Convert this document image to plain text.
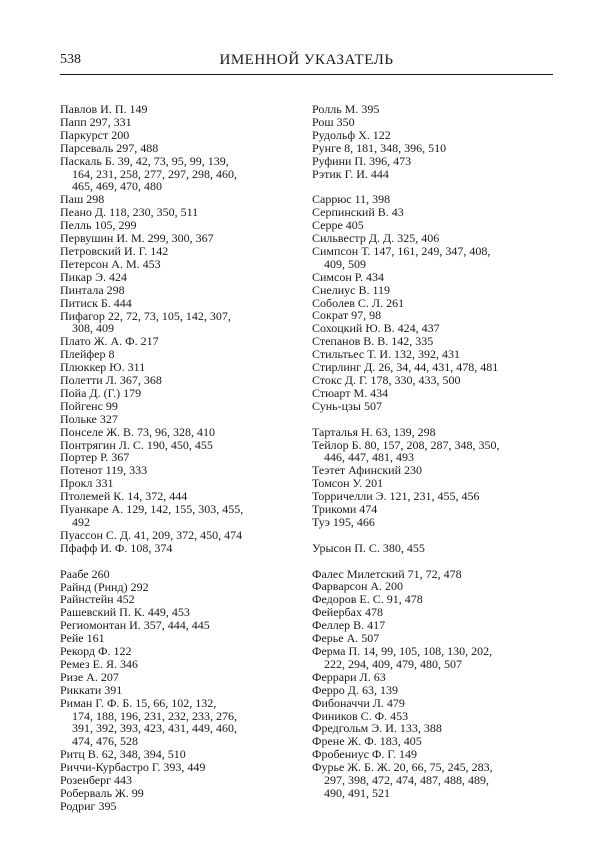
538	ИМЕННОЙ УКАЗАТЕЛЬ
Павлов И. П. 149
Папп 297, 331
Паркурст 200
Парсеваль 297, 488
Паскаль Б. 39, 42, 73, 95, 99, 139,
164, 231, 258, 277, 297, 298, 460,
465, 469, 470, 480
Паш 298
Пеано Д. 118, 230, 350, 511
Пелль 105, 299
Первушин И. М. 299, 300, 367
Петровский И. Г. 142
Петерсон А. М. 453
Пикар Э. 424
Пинтала 298
Питиск Б. 444
Пифагор 22, 72, 73, 105, 142, 307,
308, 409
Плато Ж. А. Ф. 217
Плейфер 8
Плюккер Ю. 311
Полетти Л. 367, 368
Пойа Д. (Г.) 179
Пойгенс 99
Польке 327
Понселе Ж. В. 73, 96, 328, 410
Понтрягин Л. С. 190, 450, 455
Портер Р. 367
Потенот 119, 333
Прокл 331
Птолемей К. 14, 372, 444
Пуанкаре А. 129, 142, 155, 303, 455,
492
Пуассон С. Д. 41, 209, 372, 450, 474
Пфафф И. Ф. 108, 374
Раабе 260
Райнд (Ринд) 292
Райнстейн 452
Рашевский П. К. 449, 453
Региомонтан И. 357, 444, 445
Рейе 161
Рекорд Ф. 122
Ремез Е. Я. 346
Ризе А. 207
Риккати 391
Риман Г. Ф. Б. 15, 66, 102, 132,
174, 188, 196, 231, 232, 233, 276,
391, 392, 393, 423, 431, 449, 460,
474, 476, 528
Ритц В. 62, 348, 394, 510
Риччи-Курбастро Г. 393, 449
Розенберг 443
Роберваль Ж. 99
Родриг 395
Ролль М. 395
Рош 350
Рудольф Х. 122
Рунге 8, 181, 348, 396, 510
Руфини П. 396, 473
Рэтик Г. И. 444
Саррюс 11, 398
Серпинский В. 43
Серре 405
Сильвестр Д. Д. 325, 406
Симпсон Т. 147, 161, 249, 347, 408,
409, 509
Симсон Р. 434
Снелиус В. 119
Соболев С. Л. 261
Сократ 97, 98
Сохоцкий Ю. В. 424, 437
Степанов В. В. 142, 335
Стильтьес Т. И. 132, 392, 431
Стирлинг Д. 26, 34, 44, 431, 478, 481
Стокс Д. Г. 178, 330, 433, 500
Стюарт М. 434
Сунь-цзы 507
Тарталья Н. 63, 139, 298
Тейлор Б. 80, 157, 208, 287, 348, 350,
446, 447, 481, 493
Теэтет Афинский 230
Томсон У. 201
Торричелли Э. 121, 231, 455, 456
Трикоми 474
Туэ 195, 466
Урысон П. С. 380, 455
Фалес Милетский 71, 72, 478
Фарварсон А. 200
Федоров Е. С. 91, 478
Фейербах 478
Феллер В. 417
Ферье А. 507
Ферма П. 14, 99, 105, 108, 130, 202,
222, 294, 409, 479, 480, 507
Феррари Л. 63
Ферро Д. 63, 139
Фибоначчи Л. 479
Фиников С. Ф. 453
Фредгольм Э. И. 133, 388
Френе Ж. Ф. 183, 405
Фробениус Ф. Г. 149
Фурье Ж. Б. Ж. 20, 66, 75, 245, 283,
297, 398, 472, 474, 487, 488, 489,
490, 491, 521
